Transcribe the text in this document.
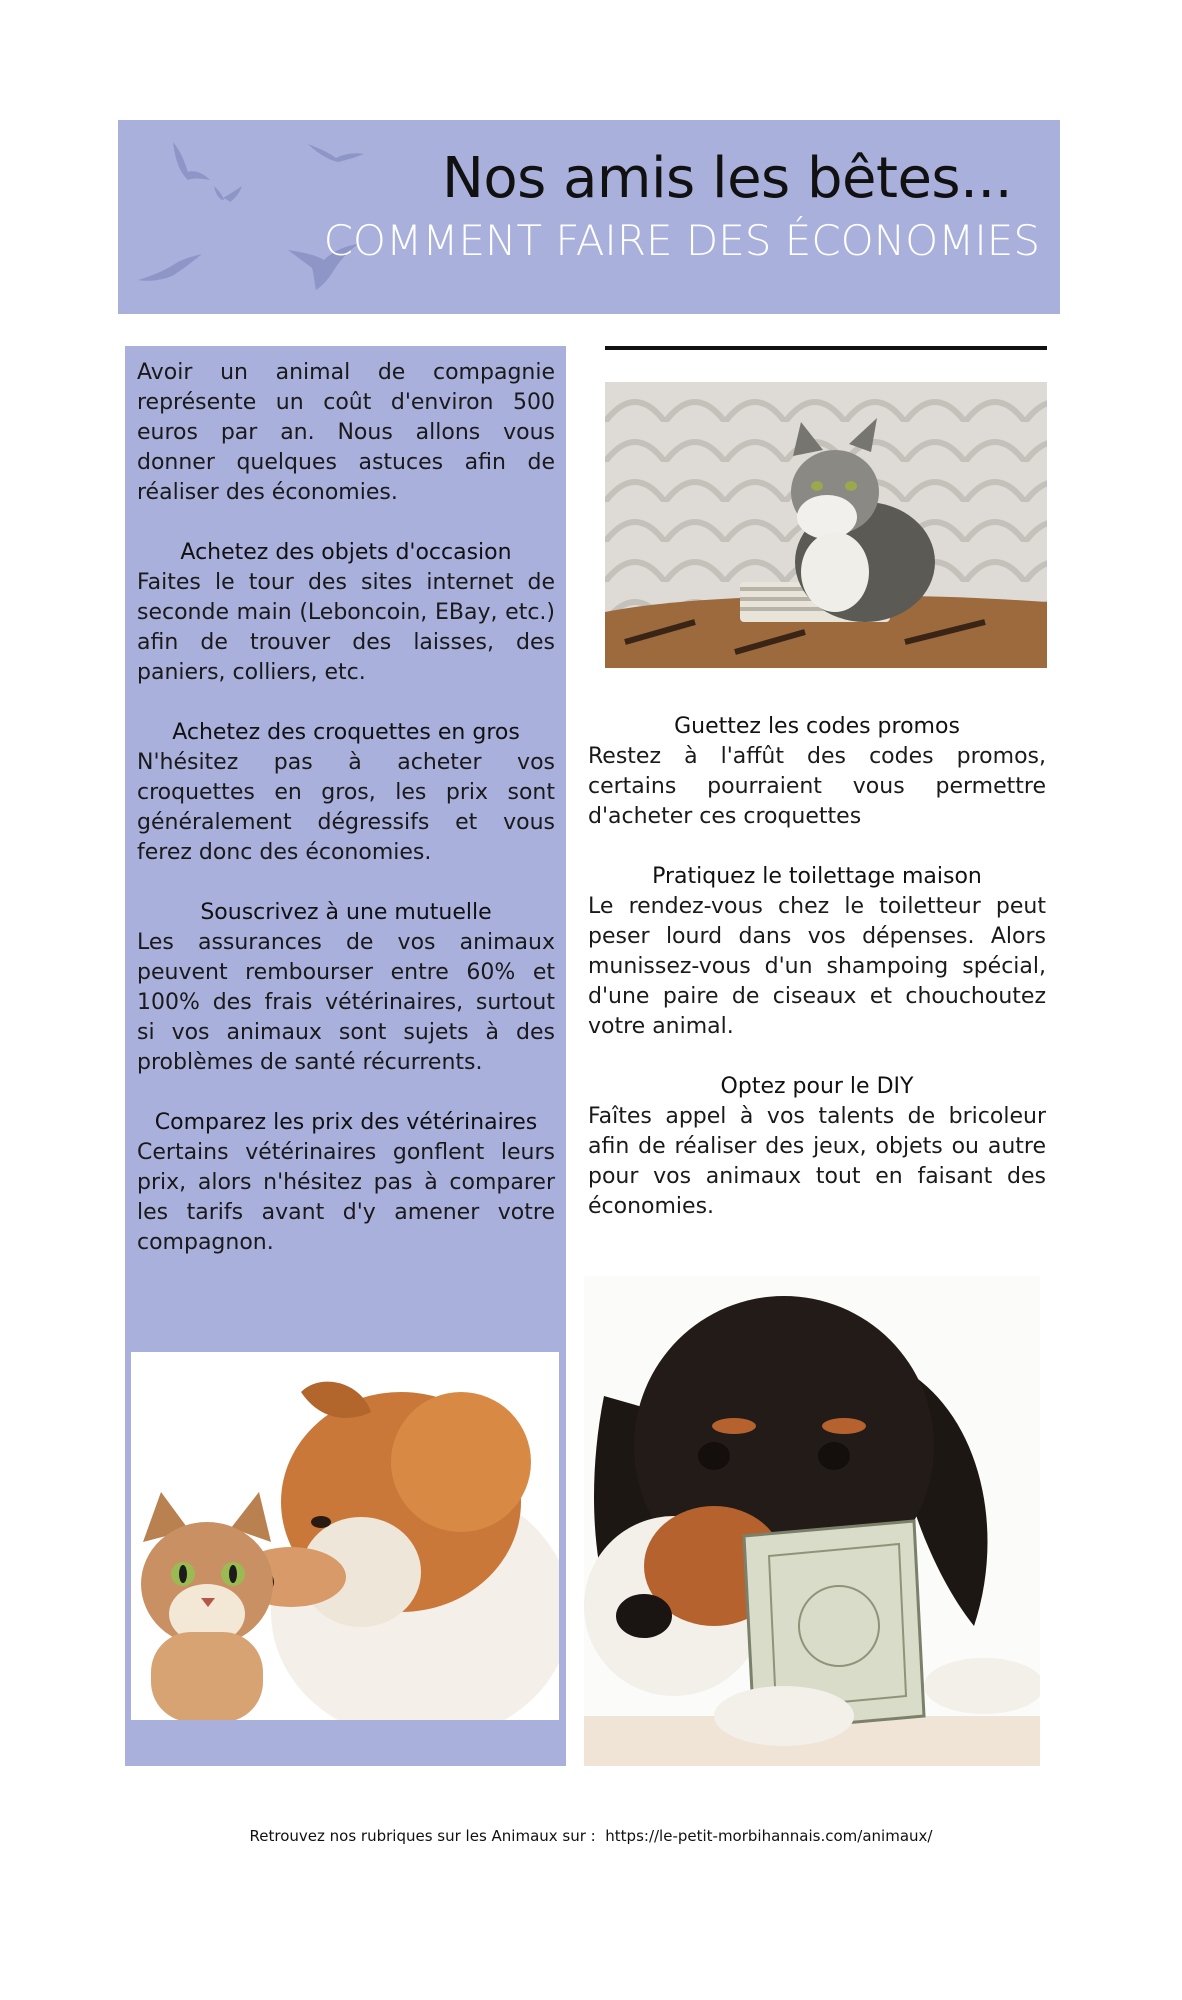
Nos amis les bêtes...
COMMENT FAIRE DES ÉCONOMIES

Avoir un animal de compagnie représente un coût d'environ 500 euros par an. Nous allons vous donner quelques astuces afin de réaliser des économies.

Achetez des objets d'occasion

Faites le tour des sites internet de seconde main (Leboncoin, EBay, etc.) afin de trouver des laisses, des paniers, colliers, etc.

Achetez des croquettes en gros

N'hésitez pas à acheter vos croquettes en gros, les prix sont généralement dégressifs et vous ferez donc des économies.

Souscrivez à une mutuelle

Les assurances de vos animaux peuvent rembourser entre 60% et 100% des frais vétérinaires, surtout si vos animaux sont sujets à des problèmes de santé récurrents.

Comparez les prix des vétérinaires

Certains vétérinaires gonflent leurs prix, alors n'hésitez pas à comparer les tarifs avant d'y amener votre compagnon.

Guettez les codes promos

Restez à l'affût des codes promos, certains pourraient vous permettre d'acheter ces croquettes

Pratiquez le toilettage maison

Le rendez-vous chez le toiletteur peut peser lourd dans vos dépenses. Alors munissez-vous d'un shampoing spécial, d'une paire de ciseaux et chouchoutez votre animal.

Optez pour le DIY

Faîtes appel à vos talents de bricoleur afin de réaliser des jeux, objets ou autre pour vos animaux tout en faisant des économies.

Retrouvez nos rubriques sur les Animaux sur : https://le-petit-morbihannais.com/animaux/
